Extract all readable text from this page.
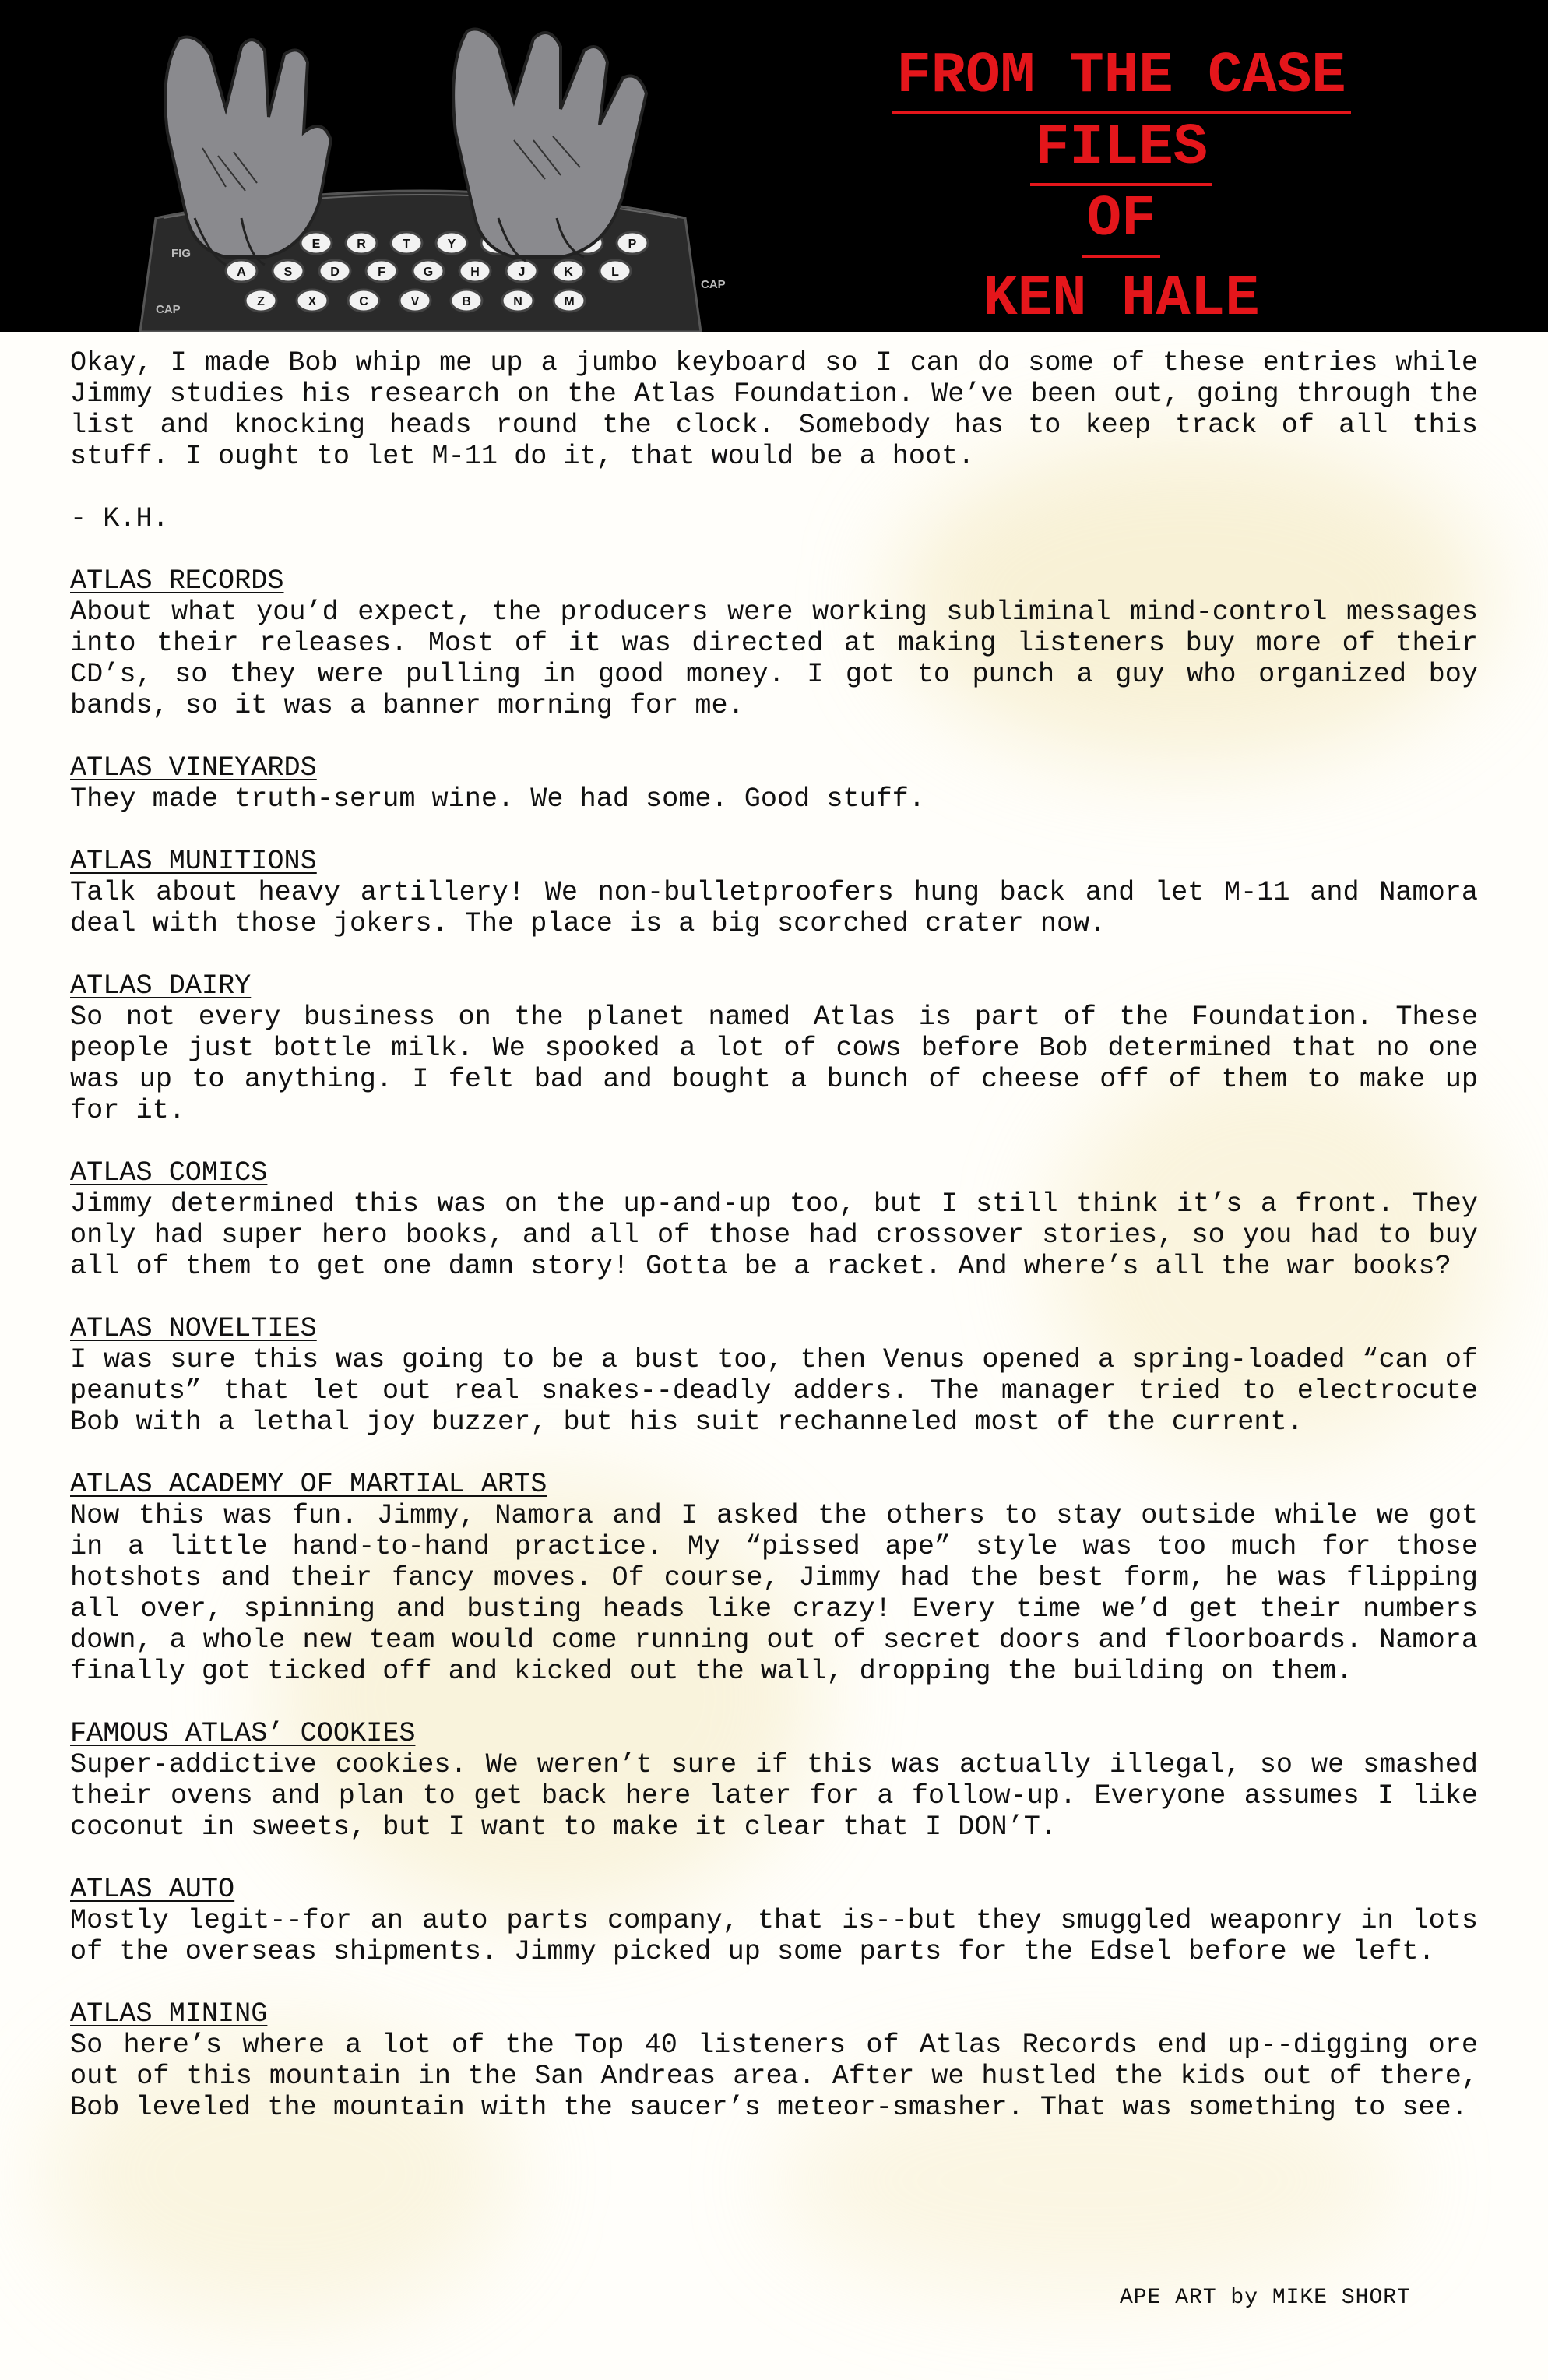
E	R	T	Y	P
A	S	D	F	G	H	J	K	L
Z	X	C	V	B	N	M
FIG
CAP
CAP
FROM THE CASE
FILES
OF
KEN HALE

Okay, I made Bob whip me up a jumbo keyboard so I can do some of these entries while Jimmy studies his research on the Atlas Foundation. We’ve been out, going through the list and knocking heads round the clock. Somebody has to keep track of all this stuff. I ought to let M-11 do it, that would be a hoot.

- K.H.

ATLAS RECORDS

About what you’d expect, the producers were working subliminal mind-control messages into their releases. Most of it was directed at making listeners buy more of their CD’s, so they were pulling in good money. I got to punch a guy who organized boy bands, so it was a banner morning for me.

ATLAS VINEYARDS

They made truth-serum wine. We had some. Good stuff.

ATLAS MUNITIONS

Talk about heavy artillery! We non-bulletproofers hung back and let M-11 and Namora deal with those jokers. The place is a big scorched crater now.

ATLAS DAIRY

So not every business on the planet named Atlas is part of the Foundation. These people just bottle milk. We spooked a lot of cows before Bob determined that no one was up to anything. I felt bad and bought a bunch of cheese off of them to make up for it.

ATLAS COMICS

Jimmy determined this was on the up-and-up too, but I still think it’s a front. They only had super hero books, and all of those had crossover stories, so you had to buy all of them to get one damn story! Gotta be a racket. And where’s all the war books?

ATLAS NOVELTIES

I was sure this was going to be a bust too, then Venus opened a spring-loaded “can of peanuts” that let out real snakes--deadly adders. The manager tried to electrocute Bob with a lethal joy buzzer, but his suit rechanneled most of the current.

ATLAS ACADEMY OF MARTIAL ARTS

Now this was fun. Jimmy, Namora and I asked the others to stay outside while we got in a little hand-to-hand practice. My “pissed ape” style was too much for those hotshots and their fancy moves. Of course, Jimmy had the best form, he was flipping all over, spinning and busting heads like crazy! Every time we’d get their numbers down, a whole new team would come running out of secret doors and floorboards. Namora finally got ticked off and kicked out the wall, dropping the building on them.

FAMOUS ATLAS’ COOKIES

Super-addictive cookies. We weren’t sure if this was actually illegal, so we smashed their ovens and plan to get back here later for a follow-up. Everyone assumes I like coconut in sweets, but I want to make it clear that I DON’T.

ATLAS AUTO

Mostly legit--for an auto parts company, that is--but they smuggled weaponry in lots of the overseas shipments. Jimmy picked up some parts for the Edsel before we left.

ATLAS MINING

So here’s where a lot of the Top 40 listeners of Atlas Records end up--digging ore out of this mountain in the San Andreas area. After we hustled the kids out of there, Bob leveled the mountain with the saucer’s meteor-smasher. That was something to see.

APE ART by MIKE SHORT
